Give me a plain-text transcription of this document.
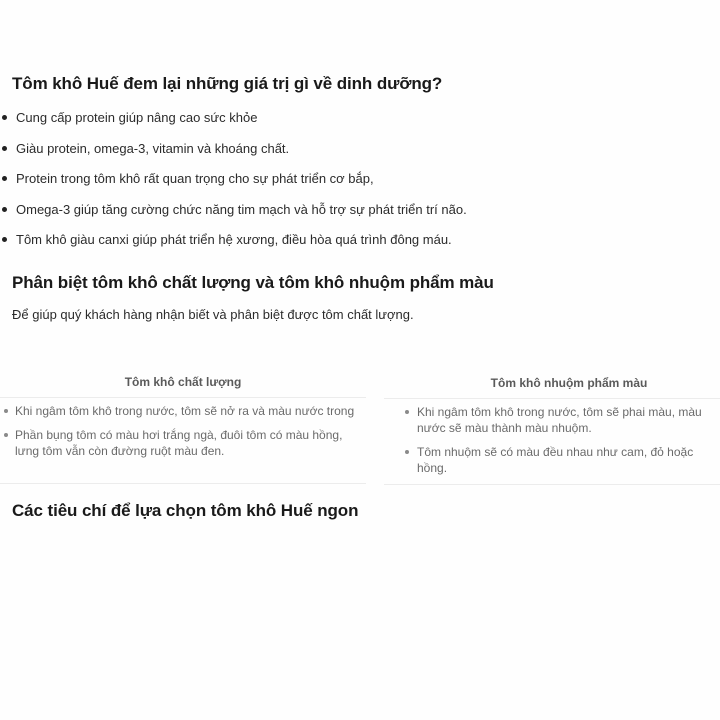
Tôm khô Huế đem lại những giá trị gì về dinh dưỡng?
Cung cấp protein giúp nâng cao sức khỏe
Giàu protein, omega-3, vitamin và khoáng chất.
Protein trong tôm khô rất quan trọng cho sự phát triển cơ bắp,
Omega-3 giúp tăng cường chức năng tim mạch và hỗ trợ sự phát triển trí não.
Tôm khô giàu canxi giúp phát triển hệ xương, điều hòa quá trình đông máu.
Phân biệt tôm khô chất lượng và tôm khô nhuộm phẩm màu

Để giúp quý khách hàng nhận biết và phân biệt được tôm chất lượng.

Tôm khô chất lượng
Khi ngâm tôm khô trong nước, tôm sẽ nở ra và màu nước trong
Phần bụng tôm có màu hơi trắng ngà, đuôi tôm có màu hồng, lưng tôm vẫn còn đường ruột màu đen.
Tôm khô nhuộm phẩm màu
Khi ngâm tôm khô trong nước, tôm sẽ phai màu, màu nước sẽ màu thành màu nhuộm.
Tôm nhuộm sẽ có màu đều nhau như cam, đỏ hoặc hồng.
Các tiêu chí để lựa chọn tôm khô Huế ngon
